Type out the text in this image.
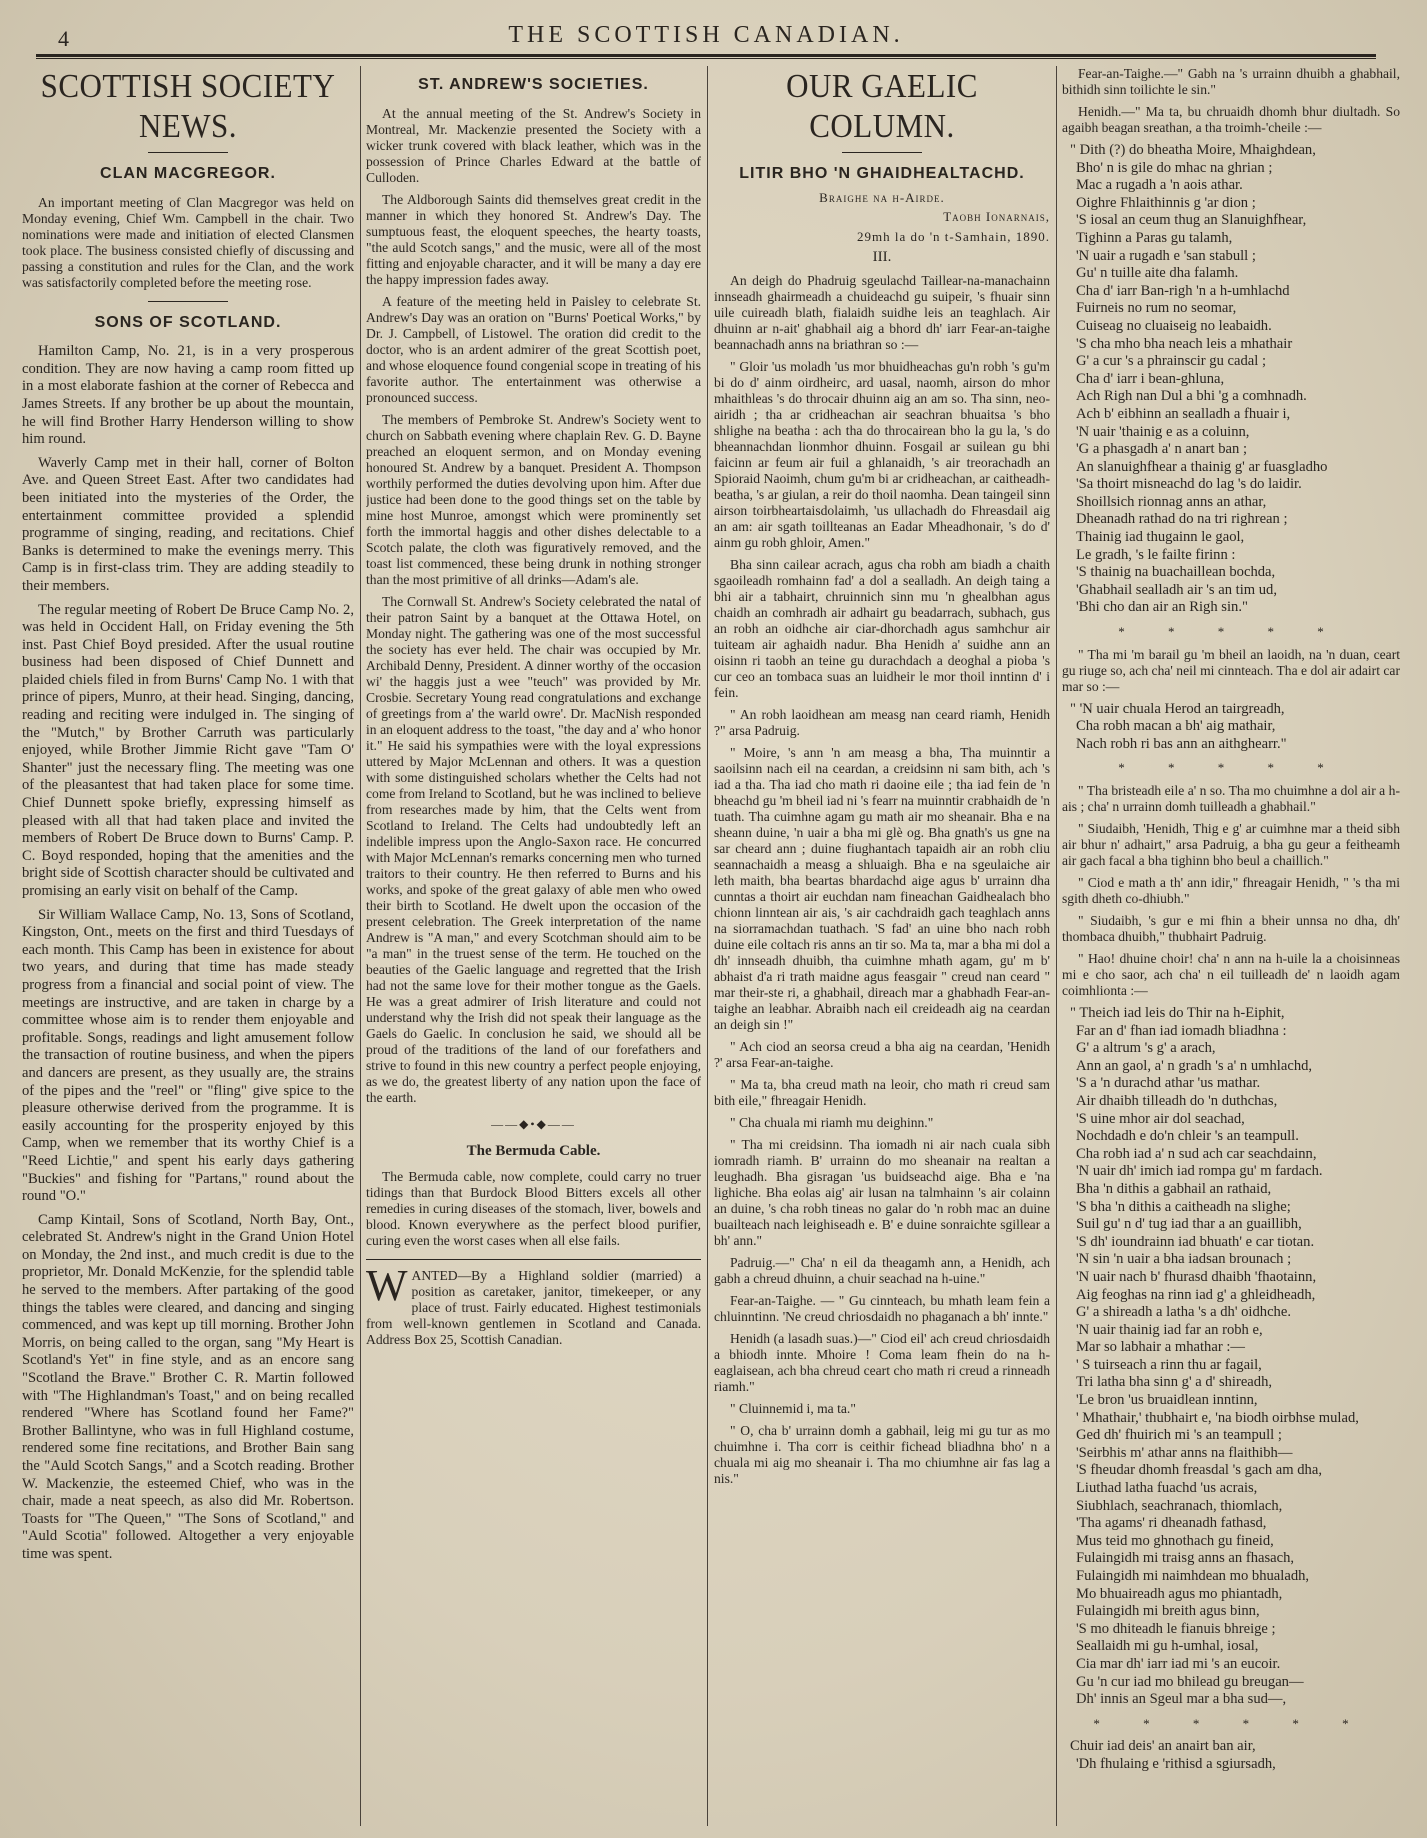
4	THE SCOTTISH CANADIAN.
SCOTTISH SOCIETY NEWS.
CLAN MACGREGOR.

An important meeting of Clan Macgregor was held on Monday evening, Chief Wm. Campbell in the chair. Two nominations were made and initiation of elected Clansmen took place. The business consisted chiefly of discussing and passing a constitution and rules for the Clan, and the work was satisfactorily completed before the meeting rose.

SONS OF SCOTLAND.

Hamilton Camp, No. 21, is in a very prosperous condition. They are now having a camp room fitted up in a most elaborate fashion at the corner of Rebecca and James Streets. If any brother be up about the mountain, he will find Brother Harry Henderson willing to show him round.

Waverly Camp met in their hall, corner of Bolton Ave. and Queen Street East. After two candidates had been initiated into the mysteries of the Order, the entertainment committee provided a splendid programme of singing, reading, and recitations. Chief Banks is determined to make the evenings merry. This Camp is in first-class trim. They are adding steadily to their members.

The regular meeting of Robert De Bruce Camp No. 2, was held in Occident Hall, on Friday evening the 5th inst. Past Chief Boyd presided. After the usual routine business had been disposed of Chief Dunnett and plaided chiels filed in from Burns' Camp No. 1 with that prince of pipers, Munro, at their head. Singing, dancing, reading and reciting were indulged in. The singing of the "Mutch," by Brother Carruth was particularly enjoyed, while Brother Jimmie Richt gave "Tam O' Shanter" just the necessary fling. The meeting was one of the pleasantest that had taken place for some time. Chief Dunnett spoke briefly, expressing himself as pleased with all that had taken place and invited the members of Robert De Bruce down to Burns' Camp. P. C. Boyd responded, hoping that the amenities and the bright side of Scottish character should be cultivated and promising an early visit on behalf of the Camp.

Sir William Wallace Camp, No. 13, Sons of Scotland, Kingston, Ont., meets on the first and third Tuesdays of each month. This Camp has been in existence for about two years, and during that time has made steady progress from a financial and social point of view. The meetings are instructive, and are taken in charge by a committee whose aim is to render them enjoyable and profitable. Songs, readings and light amusement follow the transaction of routine business, and when the pipers and dancers are present, as they usually are, the strains of the pipes and the "reel" or "fling" give spice to the pleasure otherwise derived from the programme. It is easily accounting for the prosperity enjoyed by this Camp, when we remember that its worthy Chief is a "Reed Lichtie," and spent his early days gathering "Buckies" and fishing for "Partans," round about the round "O."

Camp Kintail, Sons of Scotland, North Bay, Ont., celebrated St. Andrew's night in the Grand Union Hotel on Monday, the 2nd inst., and much credit is due to the proprietor, Mr. Donald McKenzie, for the splendid table he served to the members. After partaking of the good things the tables were cleared, and dancing and singing commenced, and was kept up till morning. Brother John Morris, on being called to the organ, sang "My Heart is Scotland's Yet" in fine style, and as an encore sang "Scotland the Brave." Brother C. R. Martin followed with "The Highlandman's Toast," and on being recalled rendered "Where has Scotland found her Fame?" Brother Ballintyne, who was in full Highland costume, rendered some fine recitations, and Brother Bain sang the "Auld Scotch Sangs," and a Scotch reading. Brother W. Mackenzie, the esteemed Chief, who was in the chair, made a neat speech, as also did Mr. Robertson. Toasts for "The Queen," "The Sons of Scotland," and "Auld Scotia" followed. Altogether a very enjoyable time was spent.

ST. ANDREW'S SOCIETIES.

At the annual meeting of the St. Andrew's Society in Montreal, Mr. Mackenzie presented the Society with a wicker trunk covered with black leather, which was in the possession of Prince Charles Edward at the battle of Culloden.

The Aldborough Saints did themselves great credit in the manner in which they honored St. Andrew's Day. The sumptuous feast, the eloquent speeches, the hearty toasts, "the auld Scotch sangs," and the music, were all of the most fitting and enjoyable character, and it will be many a day ere the happy impression fades away.

A feature of the meeting held in Paisley to celebrate St. Andrew's Day was an oration on "Burns' Poetical Works," by Dr. J. Campbell, of Listowel. The oration did credit to the doctor, who is an ardent admirer of the great Scottish poet, and whose eloquence found congenial scope in treating of his favorite author. The entertainment was otherwise a pronounced success.

The members of Pembroke St. Andrew's Society went to church on Sabbath evening where chaplain Rev. G. D. Bayne preached an eloquent sermon, and on Monday evening honoured St. Andrew by a banquet. President A. Thompson worthily performed the duties devolving upon him. After due justice had been done to the good things set on the table by mine host Munroe, amongst which were prominently set forth the immortal haggis and other dishes delectable to a Scotch palate, the cloth was figuratively removed, and the toast list commenced, these being drunk in nothing stronger than the most primitive of all drinks—Adam's ale.

The Cornwall St. Andrew's Society celebrated the natal of their patron Saint by a banquet at the Ottawa Hotel, on Monday night. The gathering was one of the most successful the society has ever held. The chair was occupied by Mr. Archibald Denny, President. A dinner worthy of the occasion wi' the haggis just a wee "teuch" was provided by Mr. Crosbie. Secretary Young read congratulations and exchange of greetings from a' the warld owre'. Dr. MacNish responded in an eloquent address to the toast, "the day and a' who honor it." He said his sympathies were with the loyal expressions uttered by Major McLennan and others. It was a question with some distinguished scholars whether the Celts had not come from Ireland to Scotland, but he was inclined to believe from researches made by him, that the Celts went from Scotland to Ireland. The Celts had undoubtedly left an indelible impress upon the Anglo-Saxon race. He concurred with Major McLennan's remarks concerning men who turned traitors to their country. He then referred to Burns and his works, and spoke of the great galaxy of able men who owed their birth to Scotland. He dwelt upon the occasion of the present celebration. The Greek interpretation of the name Andrew is "A man," and every Scotchman should aim to be "a man" in the truest sense of the term. He touched on the beauties of the Gaelic language and regretted that the Irish had not the same love for their mother tongue as the Gaels. He was a great admirer of Irish literature and could not understand why the Irish did not speak their language as the Gaels do Gaelic. In conclusion he said, we should all be proud of the traditions of the land of our forefathers and strive to found in this new country a perfect people enjoying, as we do, the greatest liberty of any nation upon the face of the earth.

——◆•◆——
The Bermuda Cable.

The Bermuda cable, now complete, could carry no truer tidings than that Burdock Blood Bitters excels all other remedies in curing diseases of the stomach, liver, bowels and blood. Known everywhere as the perfect blood purifier, curing even the worst cases when all else fails.

W ANTED—By a Highland soldier (married) a position as caretaker, janitor, timekeeper, or any place of trust. Fairly educated. Highest testimonials from well-known gentlemen in Scotland and Canada. Address Box 25, Scottish Canadian.

OUR GAELIC COLUMN.
LITIR BHO 'N GHAIDHEALTACHD.
Braighe na h-Airde.
Taobh Ionarnais,
29mh la do 'n t-Samhain, 1890.
III.

An deigh do Phadruig sgeulachd Taillear-na-manachainn innseadh ghairmeadh a chuideachd gu suipeir, 's fhuair sinn uile cuireadh blath, fialaidh suidhe leis an teaghlach. Air dhuinn ar n-ait' ghabhail aig a bhord dh' iarr Fear-an-taighe beannachadh anns na briathran so :—

" Gloir 'us moladh 'us mor bhuidheachas gu'n robh 's gu'm bi do d' ainm oirdheirc, ard uasal, naomh, airson do mhor mhaithleas 's do throcair dhuinn aig an am so. Tha sinn, neo-airidh ; tha ar cridheachan air seachran bhuaitsa 's bho shlighe na beatha : ach tha do throcairean bho la gu la, 's do bheannachdan lionmhor dhuinn. Fosgail ar suilean gu bhi faicinn ar feum air fuil a ghlanaidh, 's air treorachadh an Spioraid Naoimh, chum gu'm bi ar cridheachan, ar caitheadh-beatha, 's ar giulan, a reir do thoil naomha. Dean taingeil sinn airson toirbheartaisdolaimh, 'us ullachadh do Fhreasdail aig an am: air sgath toillteanas an Eadar Mheadhonair, 's do d' ainm gu robh ghloir, Amen."

Bha sinn cailear acrach, agus cha robh am biadh a chaith sgaoileadh romhainn fad' a dol a sealladh. An deigh taing a bhi air a tabhairt, chruinnich sinn mu 'n ghealbhan agus chaidh an comhradh air adhairt gu beadarrach, subhach, gus an robh an oidhche air ciar-dhorchadh agus samhchur air tuiteam air aghaidh nadur. Bha Henidh a' suidhe ann an oisinn ri taobh an teine gu durachdach a deoghal a pioba 's cur ceo an tombaca suas an luidheir le mor thoil inntinn d' i fein.

" An robh laoidhean am measg nan ceard riamh, Henidh ?" arsa Padruig.

" Moire, 's ann 'n am measg a bha, Tha muinntir a saoilsinn nach eil na ceardan, a creidsinn ni sam bith, ach 's iad a tha. Tha iad cho math ri daoine eile ; tha iad fein de 'n bheachd gu 'm bheil iad ni 's fearr na muinntir crabhaidh de 'n tuath. Tha cuimhne agam gu math air mo sheanair. Bha e na sheann duine, 'n uair a bha mi glè og. Bha gnath's us gne na sar cheard ann ; duine fiughantach tapaidh air an robh cliu seannachaidh a measg a shluaigh. Bha e na sgeulaiche air leth maith, bha beartas bhardachd aige agus b' urrainn dha cunntas a thoirt air euchdan nam fineachan Gaidhealach bho chionn linntean air ais, 's air cachdraidh gach teaghlach anns na siorramachdan tuathach. 'S fad' an uine bho nach robh duine eile coltach ris anns an tir so. Ma ta, mar a bha mi dol a dh' innseadh dhuibh, tha cuimhne mhath agam, gu' m b' abhaist d'a ri trath maidne agus feasgair " creud nan ceard " mar their-ste ri, a ghabhail, direach mar a ghabhadh Fear-an-taighe an leabhar. Abraibh nach eil creideadh aig na ceardan an deigh sin !"

" Ach ciod an seorsa creud a bha aig na ceardan, 'Henidh ?' arsa Fear-an-taighe.

" Ma ta, bha creud math na leoir, cho math ri creud sam bith eile," fhreagair Henidh.

" Cha chuala mi riamh mu deighinn."

" Tha mi creidsinn. Tha iomadh ni air nach cuala sibh iomradh riamh. B' urrainn do mo sheanair na realtan a leughadh. Bha gisragan 'us buidseachd aige. Bha e 'na lighiche. Bha eolas aig' air lusan na talmhainn 's air colainn an duine, 's cha robh tineas no galar do 'n robh mac an duine buailteach nach leighiseadh e. B' e duine sonraichte sgillear a bh' ann."

Padruig.—" Cha' n eil da theagamh ann, a Henidh, ach gabh a chreud dhuinn, a chuir seachad na h-uine."

Fear-an-Taighe. — " Gu cinnteach, bu mhath leam fein a chluinntinn. 'Ne creud chriosdaidh no phaganach a bh' innte."

Henidh (a lasadh suas.)—" Ciod eil' ach creud chriosdaidh a bhiodh innte. Mhoire ! Coma leam fhein do na h-eaglaisean, ach bha chreud ceart cho math ri creud a rinneadh riamh."

" Cluinnemid i, ma ta."

" O, cha b' urrainn domh a gabhail, leig mi gu tur as mo chuimhne i. Tha corr is ceithir fichead bliadhna bho' n a chuala mi aig mo sheanair i. Tha mo chiumhne air fas lag a nis."

Fear-an-Taighe.—" Gabh na 's urrainn dhuibh a ghabhail, bithidh sinn toilichte le sin."

Henidh.—" Ma ta, bu chruaidh dhomh bhur diultadh. So agaibh beagan sreathan, a tha troimh-'cheile :—

" Dith (?) do bheatha Moire, Mhaighdean,
Bho' n is gile do mhac na ghrian ;
Mac a rugadh a 'n aois athar.
Oighre Fhlaithinnis g 'ar dion ;
'S iosal an ceum thug an Slanuighfhear,
Tighinn a Paras gu talamh,
'N uair a rugadh e 'san stabull ;
Gu' n tuille aite dha falamh.
Cha d' iarr Ban-righ 'n a h-umhlachd
Fuirneis no rum no seomar,
Cuiseag no cluaiseig no leabaidh.
'S cha mho bha neach leis a mhathair
G' a cur 's a phrainscir gu cadal ;
Cha d' iarr i bean-ghluna,
Ach Righ nan Dul a bhi 'g a comhnadh.
Ach b' eibhinn an sealladh a fhuair i,
'N uair 'thainig e as a coluinn,
'G a phasgadh a' n anart ban ;
An slanuighfhear a thainig g' ar fuasgladho
'Sa thoirt misneachd do lag 's do laidir.
Shoillsich rionnag anns an athar,
Dheanadh rathad do na tri righrean ;
Thainig iad thugainn le gaol,
Le gradh, 's le failte firinn :
'S thainig na buachaillean bochda,
'Ghabhail sealladh air 's an tim ud,
'Bhi cho dan air an Righ sin."
* * * * *

" Tha mi 'm barail gu 'm bheil an laoidh, na 'n duan, ceart gu riuge so, ach cha' neil mi cinnteach. Tha e dol air adairt car mar so :—

" 'N uair chuala Herod an tairgreadh,
Cha robh macan a bh' aig mathair,
Nach robh ri bas ann an aithghearr."
* * * * *

" Tha bristeadh eile a' n so. Tha mo chuimhne a dol air a h-ais ; cha' n urrainn domh tuilleadh a ghabhail."

" Siudaibh, 'Henidh, Thig e g' ar cuimhne mar a theid sibh air bhur n' adhairt," arsa Padruig, a bha gu geur a feitheamh air gach facal a bha tighinn bho beul a chaillich."

" Ciod e math a th' ann idir," fhreagair Henidh, " 's tha mi sgith dheth co-dhiubh."

" Siudaibh, 's gur e mi fhin a bheir unnsa no dha, dh' thombaca dhuibh," thubhairt Padruig.

" Hao! dhuine choir! cha' n ann na h-uile la a choisinneas mi e cho saor, ach cha' n eil tuilleadh de' n laoidh agam coimhlionta :—

" Theich iad leis do Thir na h-Eiphit,
Far an d' fhan iad iomadh bliadhna :
G' a altrum 's g' a arach,
Ann an gaol, a' n gradh 's a' n umhlachd,
'S a 'n durachd athar 'us mathar.
Air dhaibh tilleadh do 'n duthchas,
'S uine mhor air dol seachad,
Nochdadh e do'n chleir 's an teampull.
Cha robh iad a' n sud ach car seachdainn,
'N uair dh' imich iad rompa gu' m fardach.
Bha 'n dithis a gabhail an rathaid,
'S bha 'n dithis a caitheadh na slighe;
Suil gu' n d' tug iad thar a an guaillibh,
'S dh' ioundrainn iad bhuath' e car tiotan.
'N sin 'n uair a bha iadsan brounach ;
'N uair nach b' fhurasd dhaibh 'fhaotainn,
Aig feoghas na rinn iad g' a ghleidheadh,
G' a shireadh a latha 's a dh' oidhche.
'N uair thainig iad far an robh e,
Mar so labhair a mhathar :—
' S tuirseach a rinn thu ar fagail,
Tri latha bha sinn g' a d' shireadh,
'Le bron 'us bruaidlean inntinn,
' Mhathair,' thubhairt e, 'na biodh oirbhse mulad,
Ged dh' fhuirich mi 's an teampull ;
'Seirbhis m' athar anns na flaithibh—
'S fheudar dhomh freasdal 's gach am dha,
Liuthad latha fuachd 'us acrais,
Siubhlach, seachranach, thiomlach,
'Tha agams' ri dheanadh fathasd,
Mus teid mo ghnothach gu fineid,
Fulaingidh mi traisg anns an fhasach,
Fulaingidh mi naimhdean mo bhualadh,
Mo bhuaireadh agus mo phiantadh,
Fulaingidh mi breith agus binn,
'S mo dhiteadh le fianuis bhreige ;
Seallaidh mi gu h-umhal, iosal,
Cia mar dh' iarr iad mi 's an eucoir.
Gu 'n cur iad mo bhilead gu breugan—
Dh' innis an Sgeul mar a bha sud—,
* * * * * *
Chuir iad deis' an anairt ban air,
'Dh fhulaing e 'rithisd a sgiursadh,
